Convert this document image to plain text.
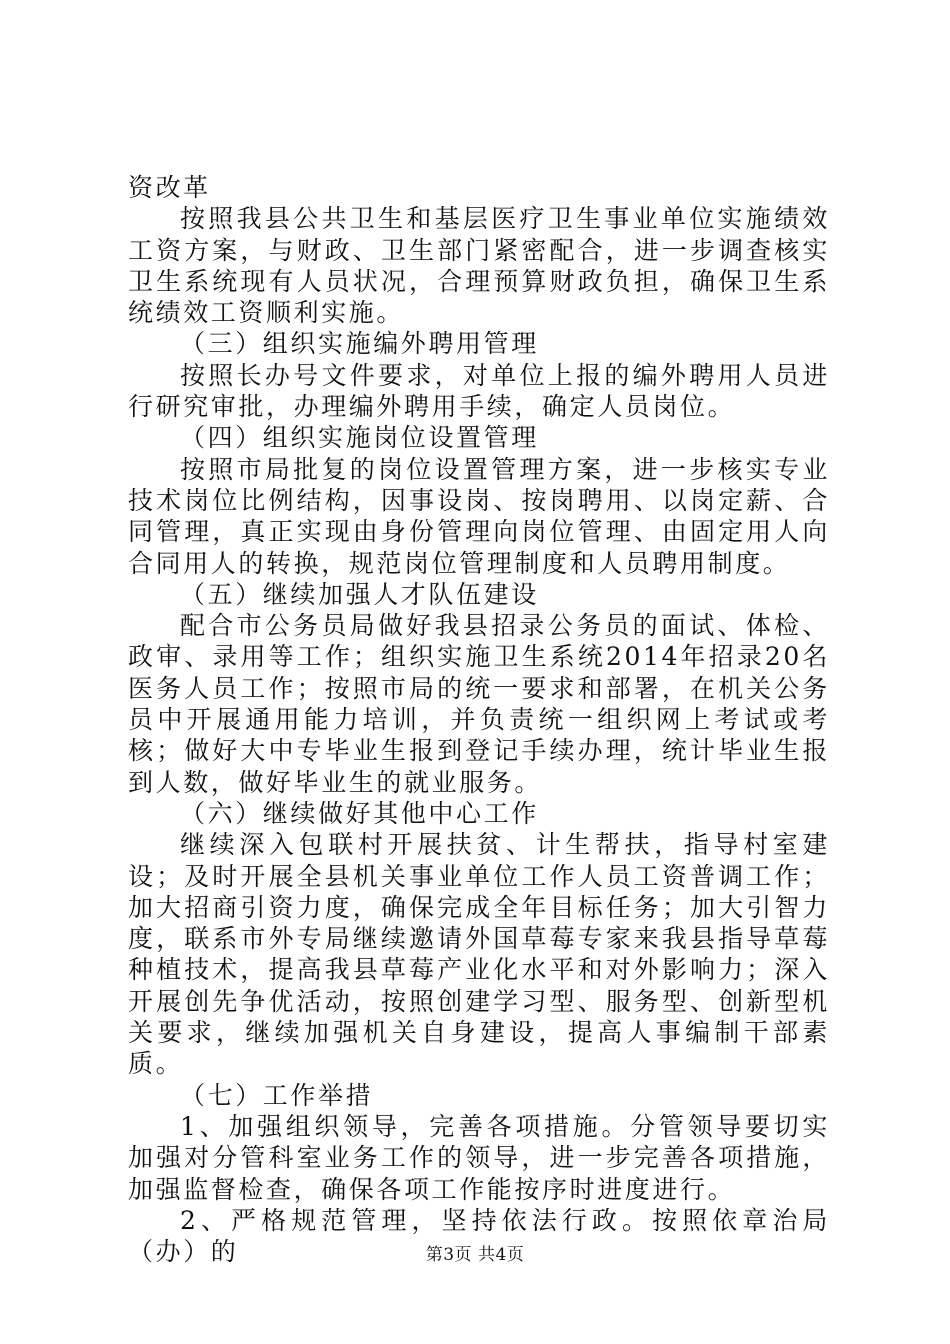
资改革

按照我县公共卫生和基层医疗卫生事业单位实施绩效工资方案，与财政、卫生部门紧密配合，进一步调查核实卫生系统现有人员状况，合理预算财政负担，确保卫生系统绩效工资顺利实施。

（三）组织实施编外聘用管理

按照长办号文件要求，对单位上报的编外聘用人员进行研究审批，办理编外聘用手续，确定人员岗位。

（四）组织实施岗位设置管理

按照市局批复的岗位设置管理方案，进一步核实专业技术岗位比例结构，因事设岗、按岗聘用、以岗定薪、合同管理，真正实现由身份管理向岗位管理、由固定用人向合同用人的转换，规范岗位管理制度和人员聘用制度。

（五）继续加强人才队伍建设

配合市公务员局做好我县招录公务员的面试、体检、政审、录用等工作；组织实施卫生系统2014年招录20名医务人员工作；按照市局的统一要求和部署，在机关公务员中开展通用能力培训，并负责统一组织网上考试或考核；做好大中专毕业生报到登记手续办理，统计毕业生报到人数，做好毕业生的就业服务。

（六）继续做好其他中心工作

继续深入包联村开展扶贫、计生帮扶，指导村室建设；及时开展全县机关事业单位工作人员工资普调工作；加大招商引资力度，确保完成全年目标任务；加大引智力度，联系市外专局继续邀请外国草莓专家来我县指导草莓种植技术，提高我县草莓产业化水平和对外影响力；深入开展创先争优活动，按照创建学习型、服务型、创新型机关要求，继续加强机关自身建设，提高人事编制干部素质。

（七）工作举措

1、加强组织领导，完善各项措施。分管领导要切实加强对分管科室业务工作的领导，进一步完善各项措施，加强监督检查，确保各项工作能按序时进度进行。

2、严格规范管理，坚持依法行政。按照依章治局（办）的	第3页 共4页
